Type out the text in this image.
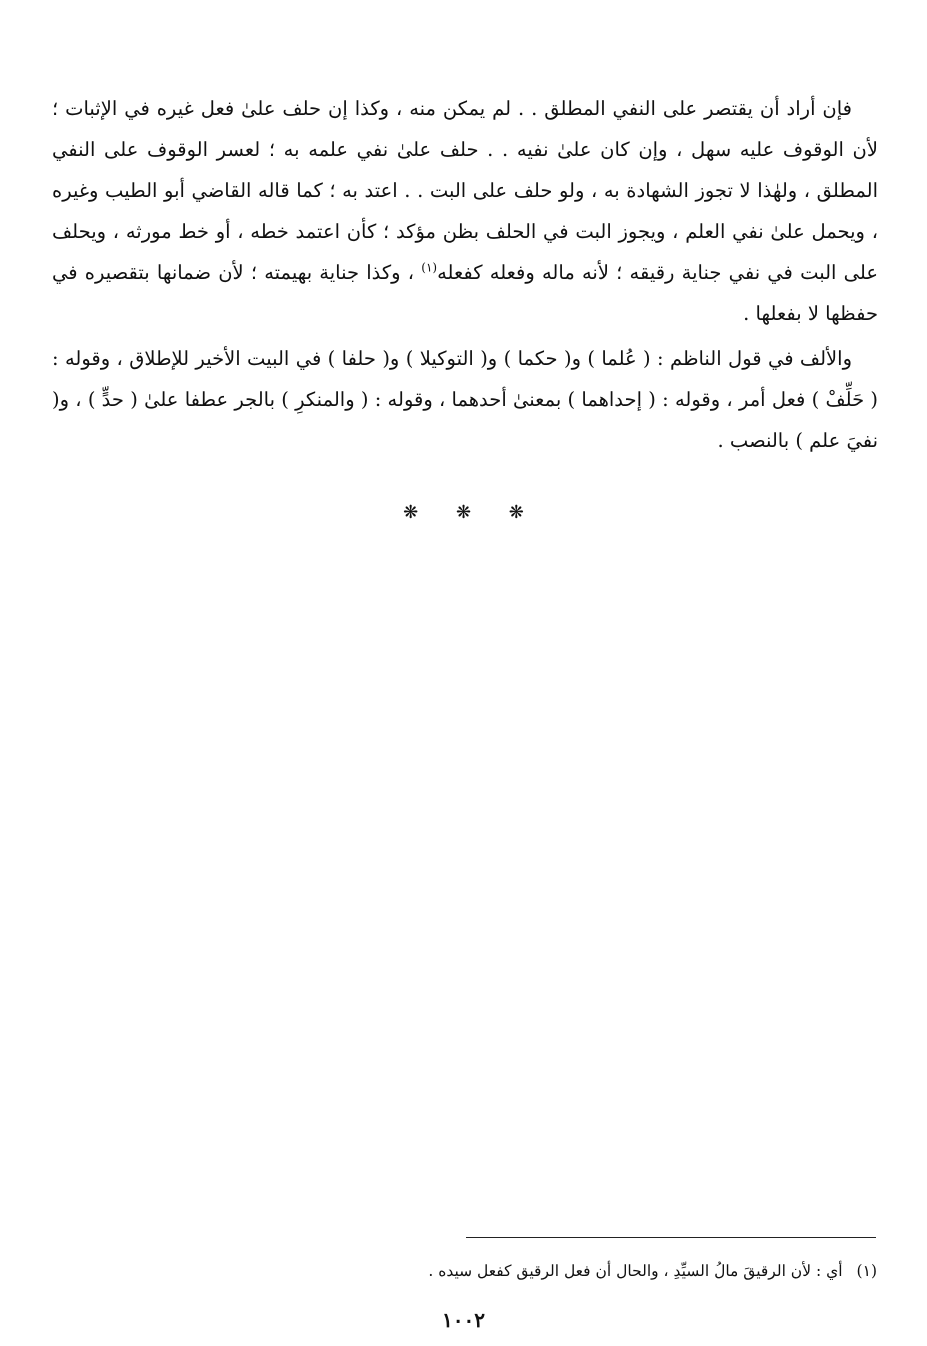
فإن أراد أن يقتصر على النفي المطلق . . لم يمكن منه ، وكذا إن حلف علىٰ فعل غيره في الإثبات ؛ لأن الوقوف عليه سهل ، وإن كان علىٰ نفيه . . حلف علىٰ نفي علمه به ؛ لعسر الوقوف على النفي المطلق ، ولهٰذا لا تجوز الشهادة به ، ولو حلف على البت . . اعتد به ؛ كما قاله القاضي أبو الطيب وغيره ، ويحمل علىٰ نفي العلم ، ويجوز البت في الحلف بظن مؤكد ؛ كأن اعتمد خطه ، أو خط مورثه ، ويحلف على البت في نفي جناية رقيقه ؛ لأنه ماله وفعله كفعله$^{(١)}$ ، وكذا جناية بهيمته ؛ لأن ضمانها بتقصيره في حفظها لا بفعلها .

والألف في قول الناظم : ( عُلما ) و( حكما ) و( التوكيلا ) و( حلفا ) في البيت الأخير للإطلاق ، وقوله : ( حَلِّفْ ) فعل أمر ، وقوله : ( إحداهما ) بمعنىٰ أحدهما ، وقوله : ( والمنكرِ ) بالجر عطفا علىٰ ( حدٍّ ) ، و( نفيَ علم ) بالنصب .

❋ ❋ ❋
(١)أي : لأن الرقيقَ مالُ السيِّدِ ، والحال أن فعل الرقيق كفعل سيده .
١٠٠٢
